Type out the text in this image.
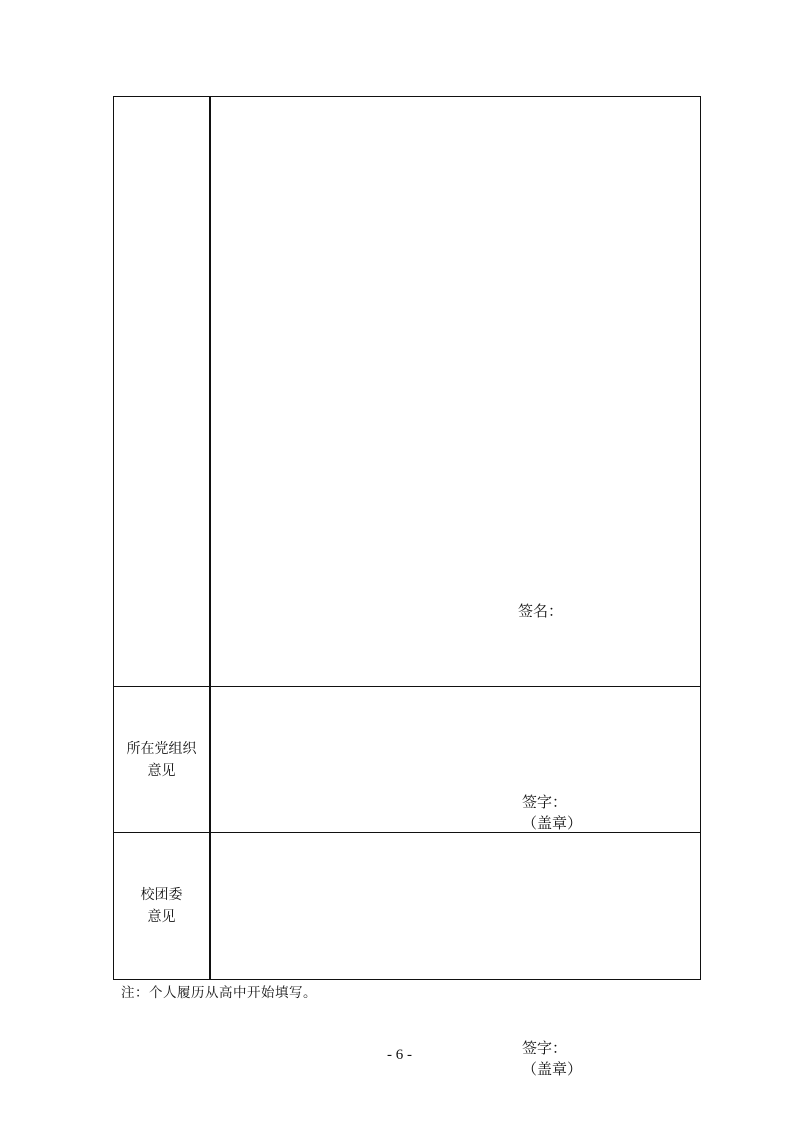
签名：
所在党组织
意见
签字：
（盖章）
校团委
意见
签字：
（盖章）
注：个人履历从高中开始填写。
- 6 -
